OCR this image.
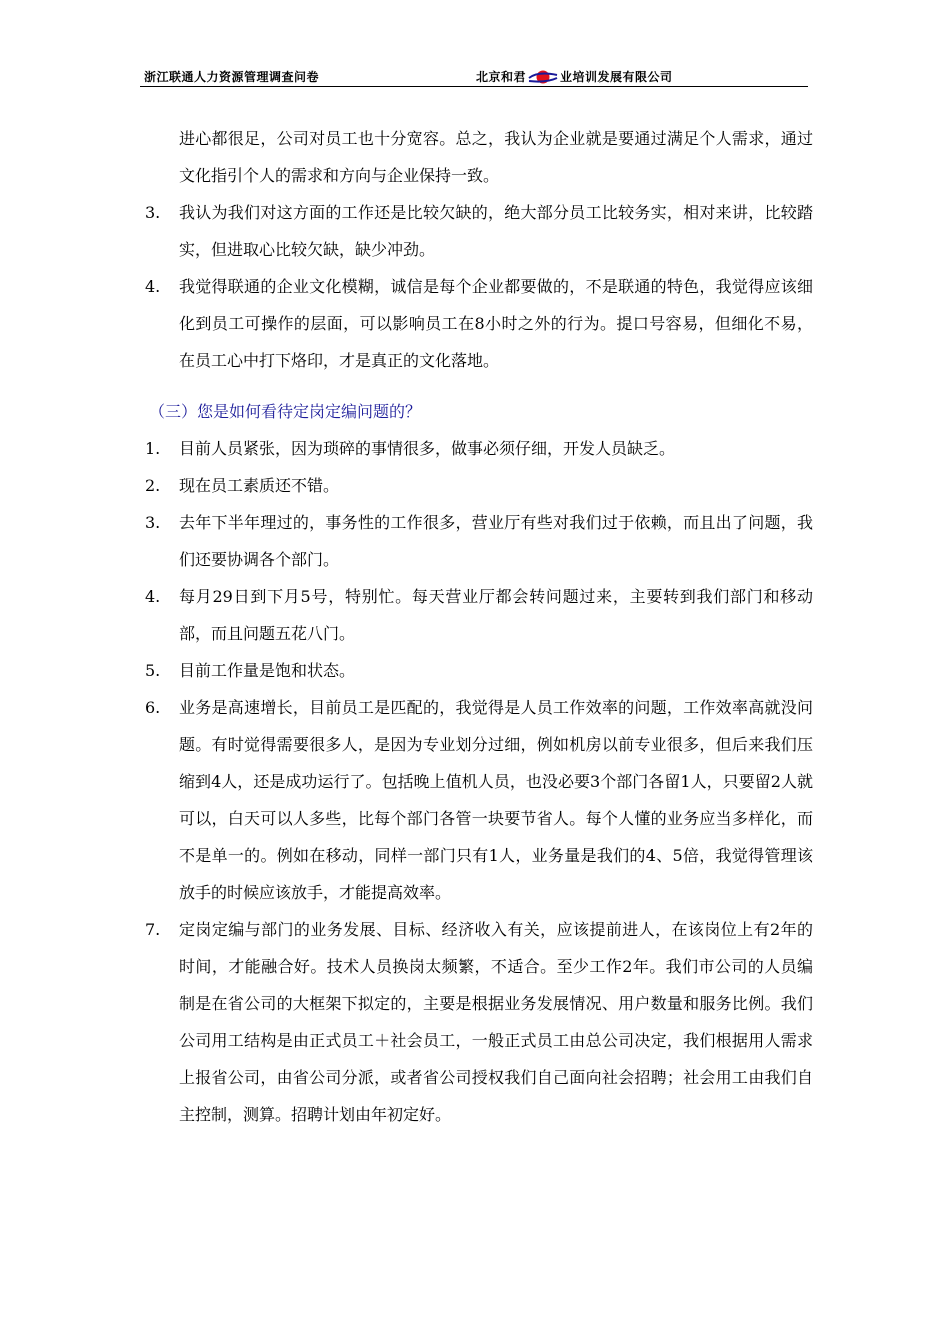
浙江联通人力资源管理调查问卷	北京和君	业培训发展有限公司
进心都很足，公司对员工也十分宽容。总之，我认为企业就是要通过满足个人需求，通过文化指引个人的需求和方向与企业保持一致。
3. 我认为我们对这方面的工作还是比较欠缺的，绝大部分员工比较务实，相对来讲，比较踏实，但进取心比较欠缺，缺少冲劲。
4. 我觉得联通的企业文化模糊，诚信是每个企业都要做的，不是联通的特色，我觉得应该细化到员工可操作的层面，可以影响员工在8小时之外的行为。提口号容易，但细化不易，在员工心中打下烙印，才是真正的文化落地。
（三）您是如何看待定岗定编问题的？
1. 目前人员紧张，因为琐碎的事情很多，做事必须仔细，开发人员缺乏。
2. 现在员工素质还不错。
3. 去年下半年理过的，事务性的工作很多，营业厅有些对我们过于依赖，而且出了问题，我们还要协调各个部门。
4. 每月29日到下月5号，特别忙。每天营业厅都会转问题过来，主要转到我们部门和移动部，而且问题五花八门。
5. 目前工作量是饱和状态。
6. 业务是高速增长，目前员工是匹配的，我觉得是人员工作效率的问题，工作效率高就没问题。有时觉得需要很多人，是因为专业划分过细，例如机房以前专业很多，但后来我们压缩到4人，还是成功运行了。包括晚上值机人员，也没必要3个部门各留1人，只要留2人就可以，白天可以人多些，比每个部门各管一块要节省人。每个人懂的业务应当多样化，而不是单一的。例如在移动，同样一部门只有1人，业务量是我们的4、5倍，我觉得管理该放手的时候应该放手，才能提高效率。
7. 定岗定编与部门的业务发展、目标、经济收入有关，应该提前进人，在该岗位上有2年的时间，才能融合好。技术人员换岗太频繁，不适合。至少工作2年。我们市公司的人员编制是在省公司的大框架下拟定的，主要是根据业务发展情况、用户数量和服务比例。我们公司用工结构是由正式员工＋社会员工，一般正式员工由总公司决定，我们根据用人需求上报省公司，由省公司分派，或者省公司授权我们自己面向社会招聘；社会用工由我们自主控制，测算。招聘计划由年初定好。
